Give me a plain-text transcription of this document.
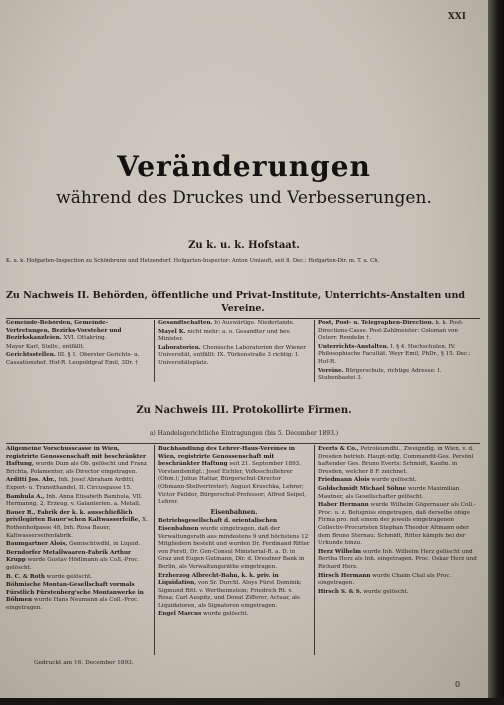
XXI
Veränderungen
während des Druckes und Verbesserungen.
Zu k. u. k. Hofstaat.
K. u. k. Hofgarten-Inspection zu Schönbrunn und Hetzendorf. Hofgarten-Inspector: Anton Umlauft, seit 8. Dec.: Hofgarten-Dir. m. T. u. Ch.
Zu Nachweis II. Behörden, öffentliche und Privat-Institute, Unterrichts-Anstalten und
Vereine.

Gemeinde-Behörden, Gemeinde-Vertretungen, Bezirks-Vorsteher und Bezirkskanzleien. XVI. Ottakring.

Mayer Karl, Stellv., entfällt.

Gerichtsstellen. III. § 1. Oberster Gerichts- u. Cassationshof. Hof-R. Leopoldgraf Emil, 3Dr. †

Gesandtschaften. b) Auswärtige. Niederlande.

Mayel K. nicht mehr: a. o. Gesandter und bev. Minister.

Laboratorien. Chemische Laboratorien der Wiener Universität, entfällt: IX. Türkenstraße 3 richtig: I. Universitätsplatz.

Post, Post- u. Telegraphen-Direction. k. k. Post-Directions-Casse. Post-Zahlmeister: Coloman von Osterr. Rendelin †.

Unterrichts-Anstalten. I. § 4. Hochschulen. IV. Philosophische Facultät. Weyr Emil, PhDr., § 15. Dec.: Hof-R.

Vereine. Bürgerschule, richtige Adresse: I. Stubenbastei 3.

Zu Nachweis III. Protokollirte Firmen.
a) Handelsgerichtliche Eintragungen (bis 5. December 1893.)

Allgemeine Vorschusscasse in Wien, registrirte Genossenschaft mit beschränkter Haftung, wurde Dum als Ob. gelöscht und Franz Brichta, Polamenter, als Director eingetragen.

Arditti Jos. Abr., Inh. Josef Abraham Arditti, Export- u. Transithandel, II. Circusgasse 15.

Bamhula A., Inh. Anna Elisabeth Bamhula, VII. Hermanng. 2, Erzeug. v. Galanterien. a. Metall.

Bauer R., Fabrik der k. k. ausschließlich privilegirten Bauer'schen Kaltwasserfeiße, X. Rothenhofgasse 48, Inh. Rosa Bauer, Kaltwasserseifenfabrik.

Baumgartner Alois, Gemischtwdhl, in Liquid.

Berndorfer Metallwaaren-Fabrik Arthur Krupp wurde Gustav Hödlmann als Coll.-Proc. gelöscht.

B. C. & Roth wurde gelöscht.

Böhmische Montan-Gesellschaft vormals Fürstlich Fürstenberg'sche Montanwerke in Böhmen wurde Hans Neumann als Coll.-Proc. eingetragen.

Buchhandlung des Lehrer-Haus-Vereines in Wien, registrirte Genossenschaft mit beschränkter Haftung seit 21. September 1893. Vorstandsmitgl.: Josef Eichler, Volksschullehrer (Obm.); Julius Hattar, Bürgerschul-Director (Obmann-Stellvertreter); August Kruschka, Lehrer; Victor Feilder, Bürgerschul-Professor; Alfred Seipel, Lehrer.

Eisenbahnen.

Betriebsgesellschaft d. orientalischen Eisenbahnen wurde eingetragen, daß der Verwaltungsrath aus mindestens 9 und höchstens 12 Mitgliedern besteht und wurden Dr. Ferdinand Ritter von Ferstl, Dr. Gen-Consul Ministerial-R. a. D. in Graz und Eugen Gutmann, Dir. d. Dresdner Bank in Berlin, als Verwaltungsräthe eingetragen.

Erzherzog Albrecht-Bahn, k. k. priv. in Liquidation, von Sr. Durchl. Aloys Fürst Dominik; Sigmund Ritt. v. Wertheimstein; Friedrich Rt. v. Rosa; Carl Auspitz, und Donat Zifferer, Actuar, als Liquidatoren, als Signatoren eingetragen.

Engel Marcus wurde gelöscht.

Everts & Co., Petroleumdhl., Zweigndlg. in Wien, v. d. Dresden betrieb. Haupt-ndlg. Commandit-Ges. Persönl haftender Ges. Bruno Everts; Schmidt, Kaufm. in Dresden, welcher 8 F. zeichnet.

Friedmann Alois wurde gelöscht.

Goldschmidt Michael Söhne wurde Maximilian Mautner, als Gesellschafter gelöscht.

Haber Hermann wurde Wilhelm Gögernauer als Coll.-Proc. u. z. Befugniss eingetragen, daß derselbe obige Firma pro. mit einem der jeweils eingetragenen Collectiv-Procuristen Stephan Theodor Altmann oder dem Bruno Sternau: Schmidt, Ritter kämpfe bei der Urkunde hinzu.

Herz Wilhelm wurde Inh. Wilhelm Herz gelöscht und Bertha Herz als Inh. eingetragen. Proc. Oskar Herz und Richard Herz.

Hirsch Hermann wurde Chaim Chal als Proc. eingetragen.

Hirsch S. & S. wurde gelöscht.

Gedruckt am 16. December 1893.
0
